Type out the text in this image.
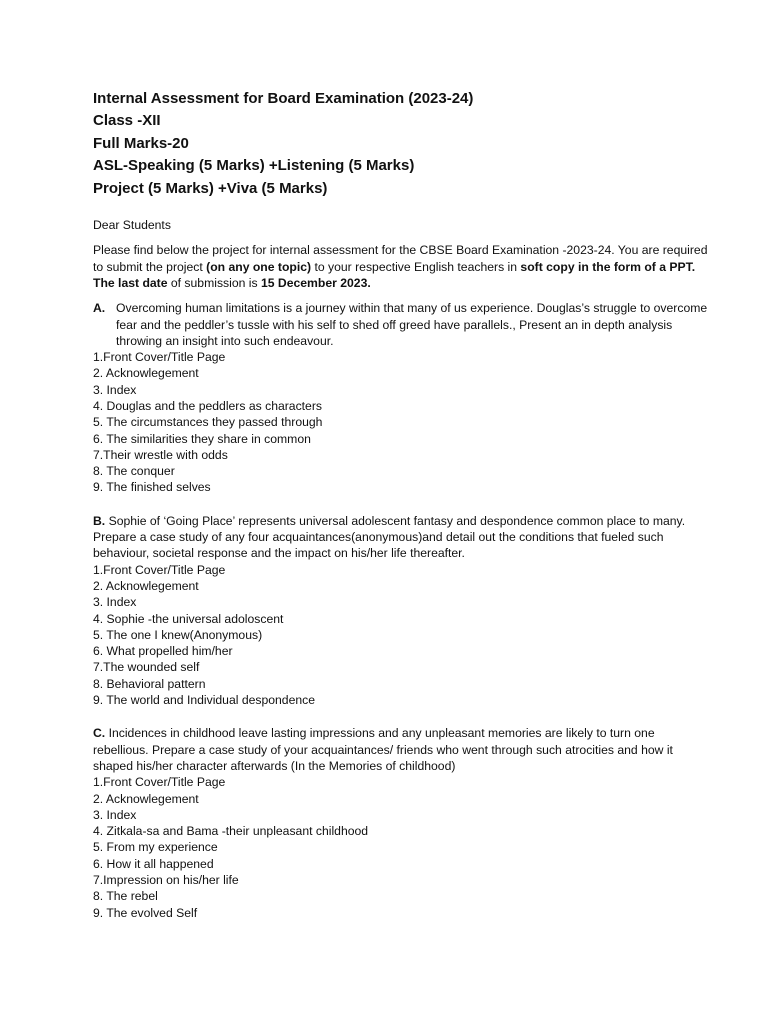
Internal Assessment for Board Examination (2023-24)
Class -XII
Full Marks-20
ASL-Speaking (5 Marks) +Listening (5 Marks)
Project (5 Marks) +Viva (5 Marks)
Dear Students
Please find below the project for internal assessment for the CBSE Board Examination -2023-24. You are required to submit the project (on any one topic) to your respective English teachers in soft copy in the form of a PPT. The last date of submission is 15 December 2023.
A. Overcoming human limitations is a journey within that many of us experience. Douglas’s struggle to overcome fear and the peddler’s tussle with his self to shed off greed have parallels., Present an in depth analysis throwing an insight into such endeavour.
1.Front Cover/Title Page
2. Acknowlegement
3. Index
4. Douglas and the peddlers as characters
5. The circumstances they passed through
6. The similarities they share in common
7.Their wrestle with odds
8. The conquer
9. The finished selves
B. Sophie of ‘Going Place’ represents universal adolescent fantasy and despondence common place to many. Prepare a case study of any four acquaintances(anonymous)and detail out the conditions that fueled such behaviour, societal response and the impact on his/her life thereafter.
1.Front Cover/Title Page
2. Acknowlegement
3. Index
4. Sophie -the universal adoloscent
5. The one I knew(Anonymous)
6. What propelled him/her
7.The wounded self
8. Behavioral pattern
9. The world and Individual despondence
C. Incidences in childhood leave lasting impressions and any unpleasant memories are likely to turn one rebellious. Prepare a case study of your acquaintances/ friends who went through such atrocities and how it shaped his/her character afterwards (In the Memories of childhood)
1.Front Cover/Title Page
2. Acknowlegement
3. Index
4. Zitkala-sa and Bama -their unpleasant childhood
5. From my experience
6. How it all happened
7.Impression on his/her life
8. The rebel
9. The evolved Self
